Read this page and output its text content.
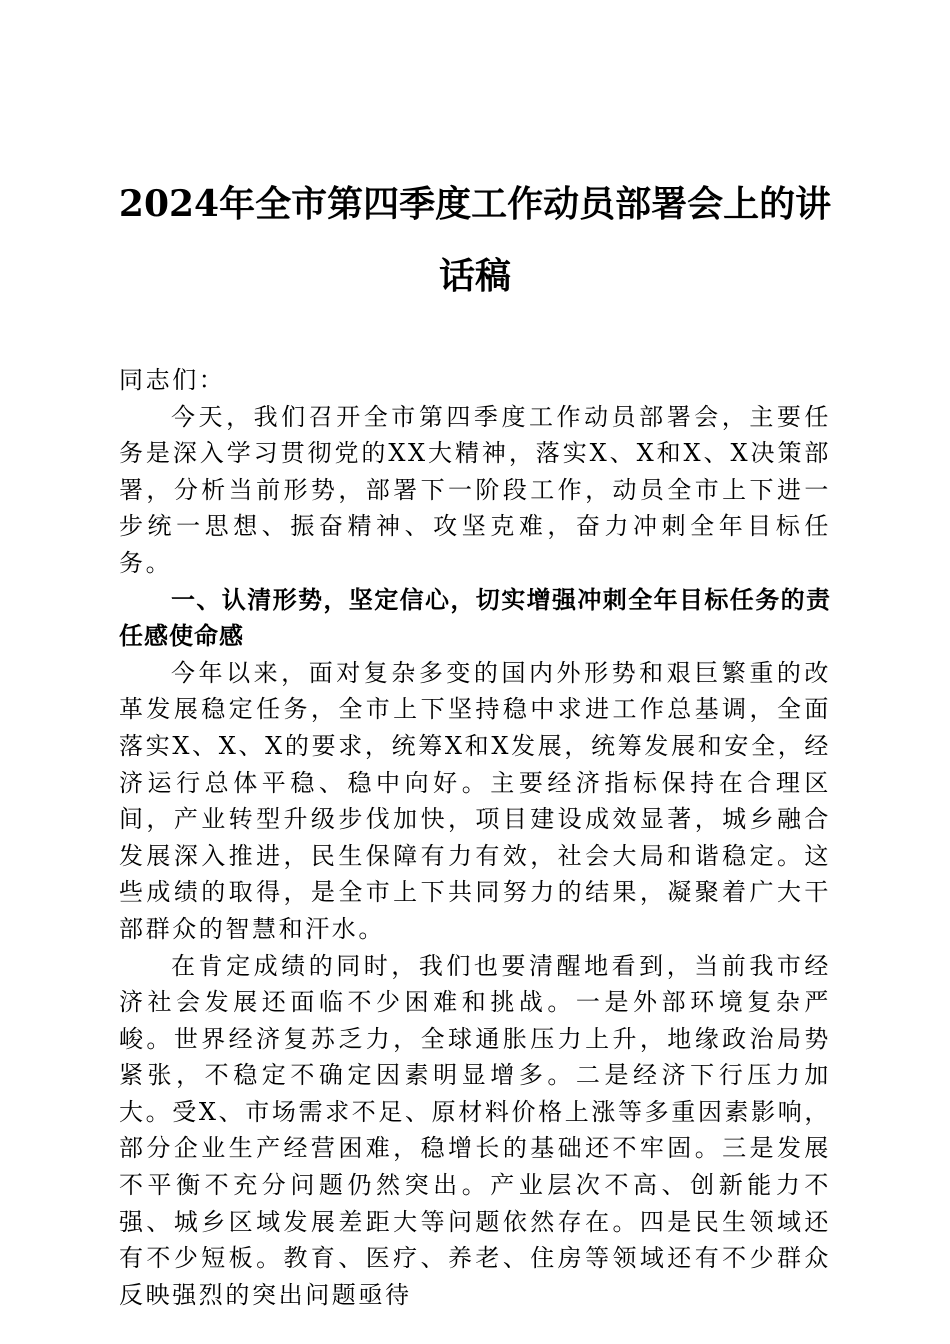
2024年全市第四季度工作动员部署会上的讲
话稿

同志们：

今天，我们召开全市第四季度工作动员部署会，主要任务是深入学习贯彻党的XX大精神，落实X、X和X、X决策部署，分析当前形势，部署下一阶段工作，动员全市上下进一步统一思想、振奋精神、攻坚克难，奋力冲刺全年目标任务。

一、认清形势，坚定信心，切实增强冲刺全年目标任务的责任感使命感

今年以来，面对复杂多变的国内外形势和艰巨繁重的改革发展稳定任务，全市上下坚持稳中求进工作总基调，全面落实X、X、X的要求，统筹X和X发展，统筹发展和安全，经济运行总体平稳、稳中向好。主要经济指标保持在合理区间，产业转型升级步伐加快，项目建设成效显著，城乡融合发展深入推进，民生保障有力有效，社会大局和谐稳定。这些成绩的取得，是全市上下共同努力的结果，凝聚着广大干部群众的智慧和汗水。

在肯定成绩的同时，我们也要清醒地看到，当前我市经济社会发展还面临不少困难和挑战。一是外部环境复杂严峻。世界经济复苏乏力，全球通胀压力上升，地缘政治局势紧张，不稳定不确定因素明显增多。二是经济下行压力加大。受X、市场需求不足、原材料价格上涨等多重因素影响，部分企业生产经营困难，稳增长的基础还不牢固。三是发展不平衡不充分问题仍然突出。产业层次不高、创新能力不强、城乡区域发展差距大等问题依然存在。四是民生领域还有不少短板。教育、医疗、养老、住房等领域还有不少群众反映强烈的突出问题亟待
